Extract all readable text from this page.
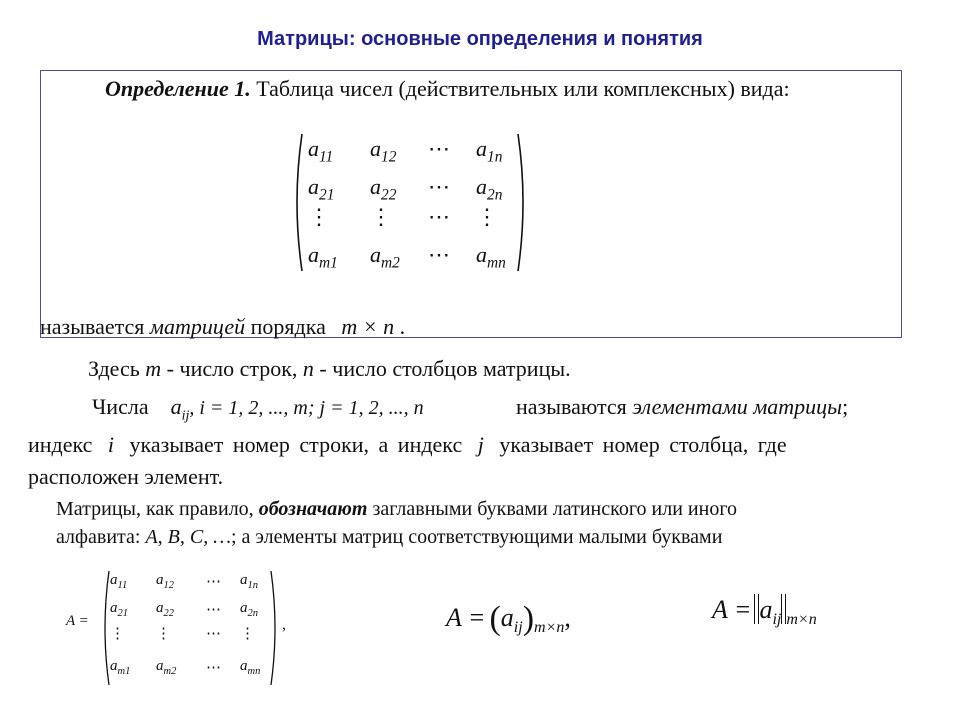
Матрицы: основные определения и понятия
Определение 1. Таблица чисел (действительных или комплексных) вида:
$a_{11}$ $a_{12}$ ⋯ $a_{1n}$
$a_{21}$ $a_{22}$ ⋯ $a_{2n}$
⋮ ⋮ ⋯ ⋮
$a_{m1}$ $a_{m2}$ ⋯ $a_{mn}$
называется матрицей порядка m × n .
Здесь m - число строк, n - число столбцов матрицы.
Числа $a_{ij}$, i = 1, 2, ..., m; j = 1, 2, ..., n	называются элементами матрицы;
индекс i указывает номер строки, а индекс j указывает номер столбца, где
расположен элемент.
Матрицы, как правило, обозначают заглавными буквами латинского или иного
алфавита: A, B, C, …; а элементы матриц соответствующими малыми буквами
A =
$a_{11}$ $a_{12}$ ⋯ $a_{1n}$
$a_{21}$ $a_{22}$ ⋯ $a_{2n}$
⋮ ⋮ ⋯ ⋮
$a_{m1}$ $a_{m2}$ ⋯ $a_{mn}$
,	$A = (a_{ij})_{m\times n}$,	$A = a_{ij}$ $_{m\times n}$
